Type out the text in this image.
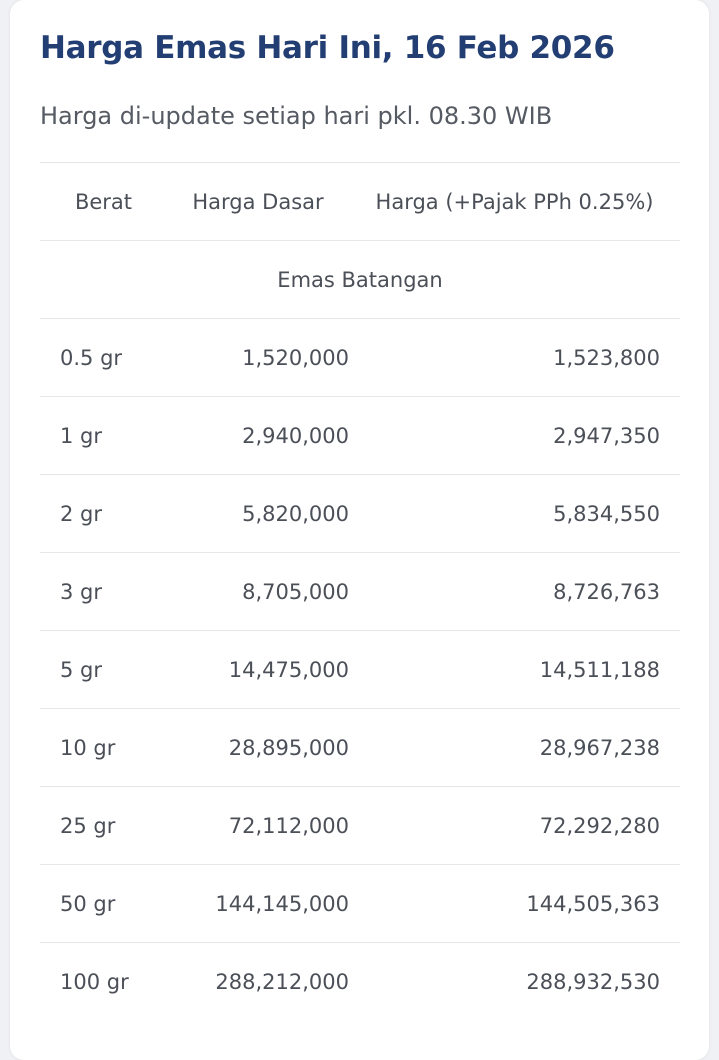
Harga Emas Hari Ini, 16 Feb 2026

Harga di-update setiap hari pkl. 08.30 WIB

Berat	Harga Dasar	Harga (+Pajak PPh 0.25%)
Emas Batangan		
0.5 gr	1,520,000	1,523,800
1 gr	2,940,000	2,947,350
2 gr	5,820,000	5,834,550
3 gr	8,705,000	8,726,763
5 gr	14,475,000	14,511,188
10 gr	28,895,000	28,967,238
25 gr	72,112,000	72,292,280
50 gr	144,145,000	144,505,363
100 gr	288,212,000	288,932,530
